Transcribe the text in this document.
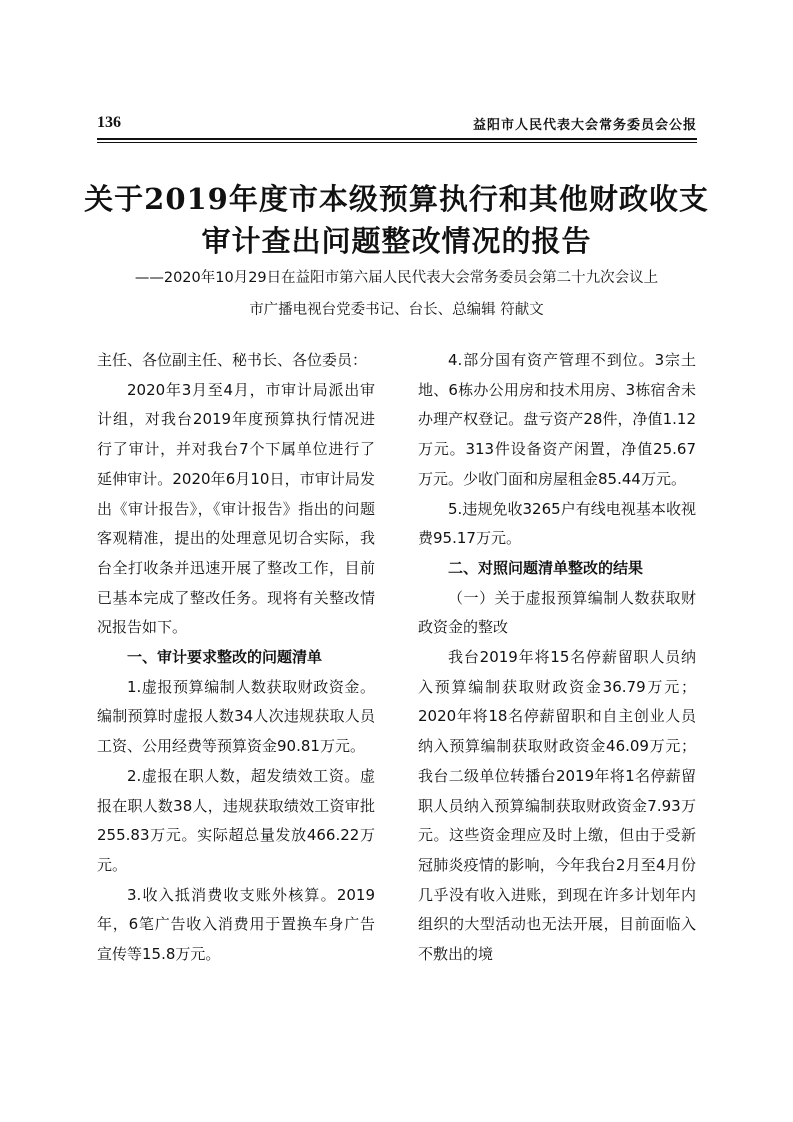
136	益阳市人民代表大会常务委员会公报
关于2019年度市本级预算执行和其他财政收支
审计查出问题整改情况的报告
——2020年10月29日在益阳市第六届人民代表大会常务委员会第二十九次会议上
市广播电视台党委书记、台长、总编辑 符献文

主任、各位副主任、秘书长、各位委员：

2020年3月至4月，市审计局派出审计组，对我台2019年度预算执行情况进行了审计，并对我台7个下属单位进行了延伸审计。2020年6月10日，市审计局发出《审计报告》，《审计报告》指出的问题客观精准，提出的处理意见切合实际，我台全打收条并迅速开展了整改工作，目前已基本完成了整改任务。现将有关整改情况报告如下。

一、审计要求整改的问题清单

1.虚报预算编制人数获取财政资金。编制预算时虚报人数34人次违规获取人员工资、公用经费等预算资金90.81万元。

2.虚报在职人数，超发绩效工资。虚报在职人数38人，违规获取绩效工资审批255.83万元。实际超总量发放466.22万元。

3.收入抵消费收支账外核算。2019年，6笔广告收入消费用于置换车身广告宣传等15.8万元。

4.部分国有资产管理不到位。3宗土地、6栋办公用房和技术用房、3栋宿舍未办理产权登记。盘亏资产28件，净值1.12万元。313件设备资产闲置，净值25.67万元。少收门面和房屋租金85.44万元。

5.违规免收3265户有线电视基本收视费95.17万元。

二、对照问题清单整改的结果

（一）关于虚报预算编制人数获取财政资金的整改

我台2019年将15名停薪留职人员纳入预算编制获取财政资金36.79万元；2020年将18名停薪留职和自主创业人员纳入预算编制获取财政资金46.09万元；我台二级单位转播台2019年将1名停薪留职人员纳入预算编制获取财政资金7.93万元。这些资金理应及时上缴，但由于受新冠肺炎疫情的影响，今年我台2月至4月份几乎没有收入进账，到现在许多计划年内组织的大型活动也无法开展，目前面临入不敷出的境
